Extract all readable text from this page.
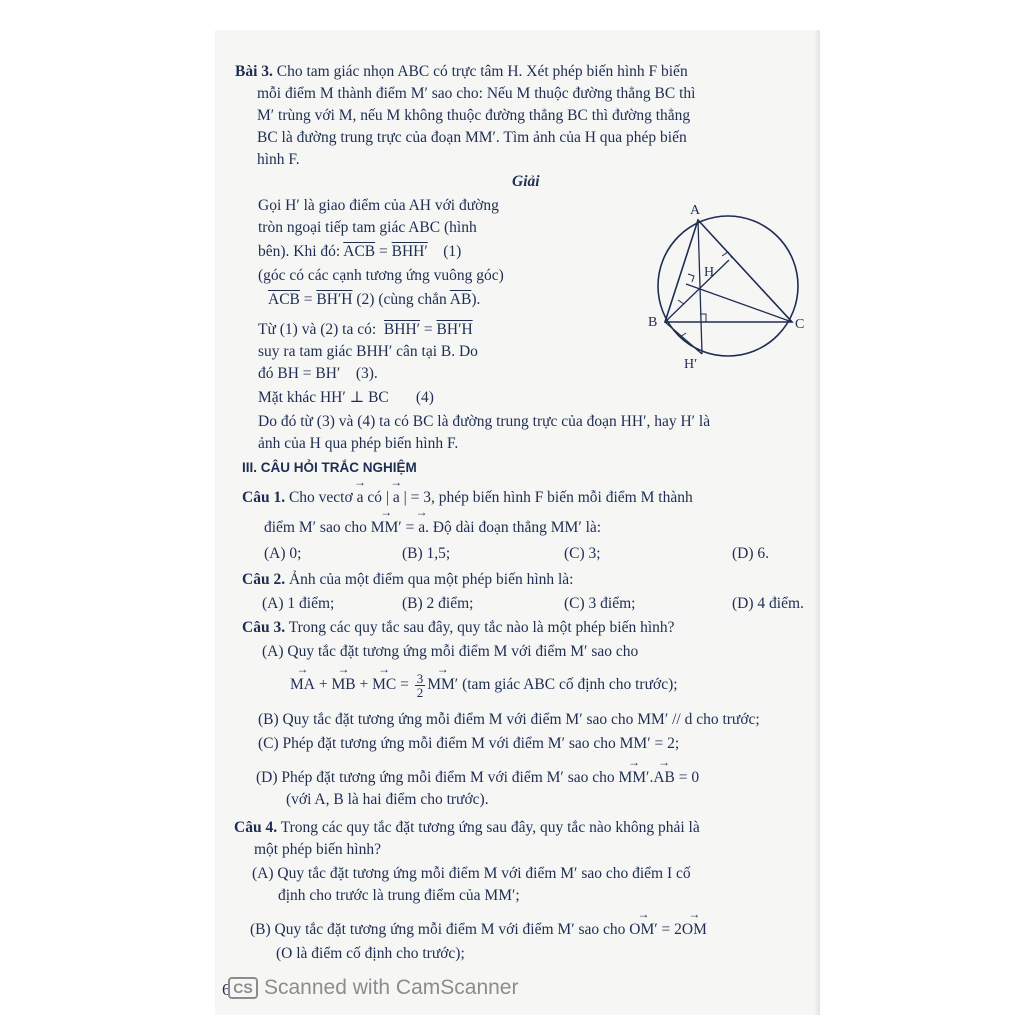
Bài 3. Cho tam giác nhọn ABC có trực tâm H. Xét phép biến hình F biến
mỗi điểm M thành điểm M′ sao cho: Nếu M thuộc đường thẳng BC thì
M′ trùng với M, nếu M không thuộc đường thẳng BC thì đường thẳng
BC là đường trung trực của đoạn MM′. Tìm ảnh của H qua phép biến
hình F.
Giải
Gọi H′ là giao điểm của AH với đường
tròn ngoại tiếp tam giác ABC (hình
bên). Khi đó: $\overline{ACB} = BHH'$ (1)
(góc có các cạnh tương ứng vuông góc)
$\overline{ACB} = BH'H$ (2) (cùng chắn $\overline{AB}$).
Từ (1) và (2) ta có: BHH′ = BH′H
suy ra tam giác BHH′ cân tại B. Do
đó BH = BH′ (3).
Mặt khác HH′ ⊥ BC (4)
Do đó từ (3) và (4) ta có BC là đường trung trực của đoạn HH′, hay H′ là
ảnh của H qua phép biến hình F.
A
H
B	C
H′
III. CÂU HỎI TRẮC NGHIỆM
Câu 1. Cho vectơ → a có | → a | = 3, phép biến hình F biến mỗi điểm M thành
điểm M′ sao cho → MM′ = → a. Độ dài đoạn thẳng MM′ là:
(A) 0;	(B) 1,5;	(C) 3;	(D) 6.
Câu 2. Ảnh của một điểm qua một phép biến hình là:
(A) 1 điểm;	(B) 2 điểm;	(C) 3 điểm;	(D) 4 điểm.
Câu 3. Trong các quy tắc sau đây, quy tắc nào là một phép biến hình?
(A) Quy tắc đặt tương ứng mỗi điểm M với điểm M′ sao cho
→ MA + → MB + → MC = $\frac{3}{2} \to MM'$ (tam giác ABC cố định cho trước);
(B) Quy tắc đặt tương ứng mỗi điểm M với điểm M′ sao cho MM′ // d cho trước;
(C) Phép đặt tương ứng mỗi điểm M với điểm M′ sao cho MM′ = 2;
(D) Phép đặt tương ứng mỗi điểm M với điểm M′ sao cho → MM′.→ AB = 0
(với A, B là hai điểm cho trước).
Câu 4. Trong các quy tắc đặt tương ứng sau đây, quy tắc nào không phải là
một phép biến hình?
(A) Quy tắc đặt tương ứng mỗi điểm M với điểm M′ sao cho điểm I cố
định cho trước là trung điểm của MM′;
(B) Quy tắc đặt tương ứng mỗi điểm M với điểm M′ sao cho → OM′ = 2→ OM
(O là điểm cố định cho trước);
6 CS Scanned with CamScanner
